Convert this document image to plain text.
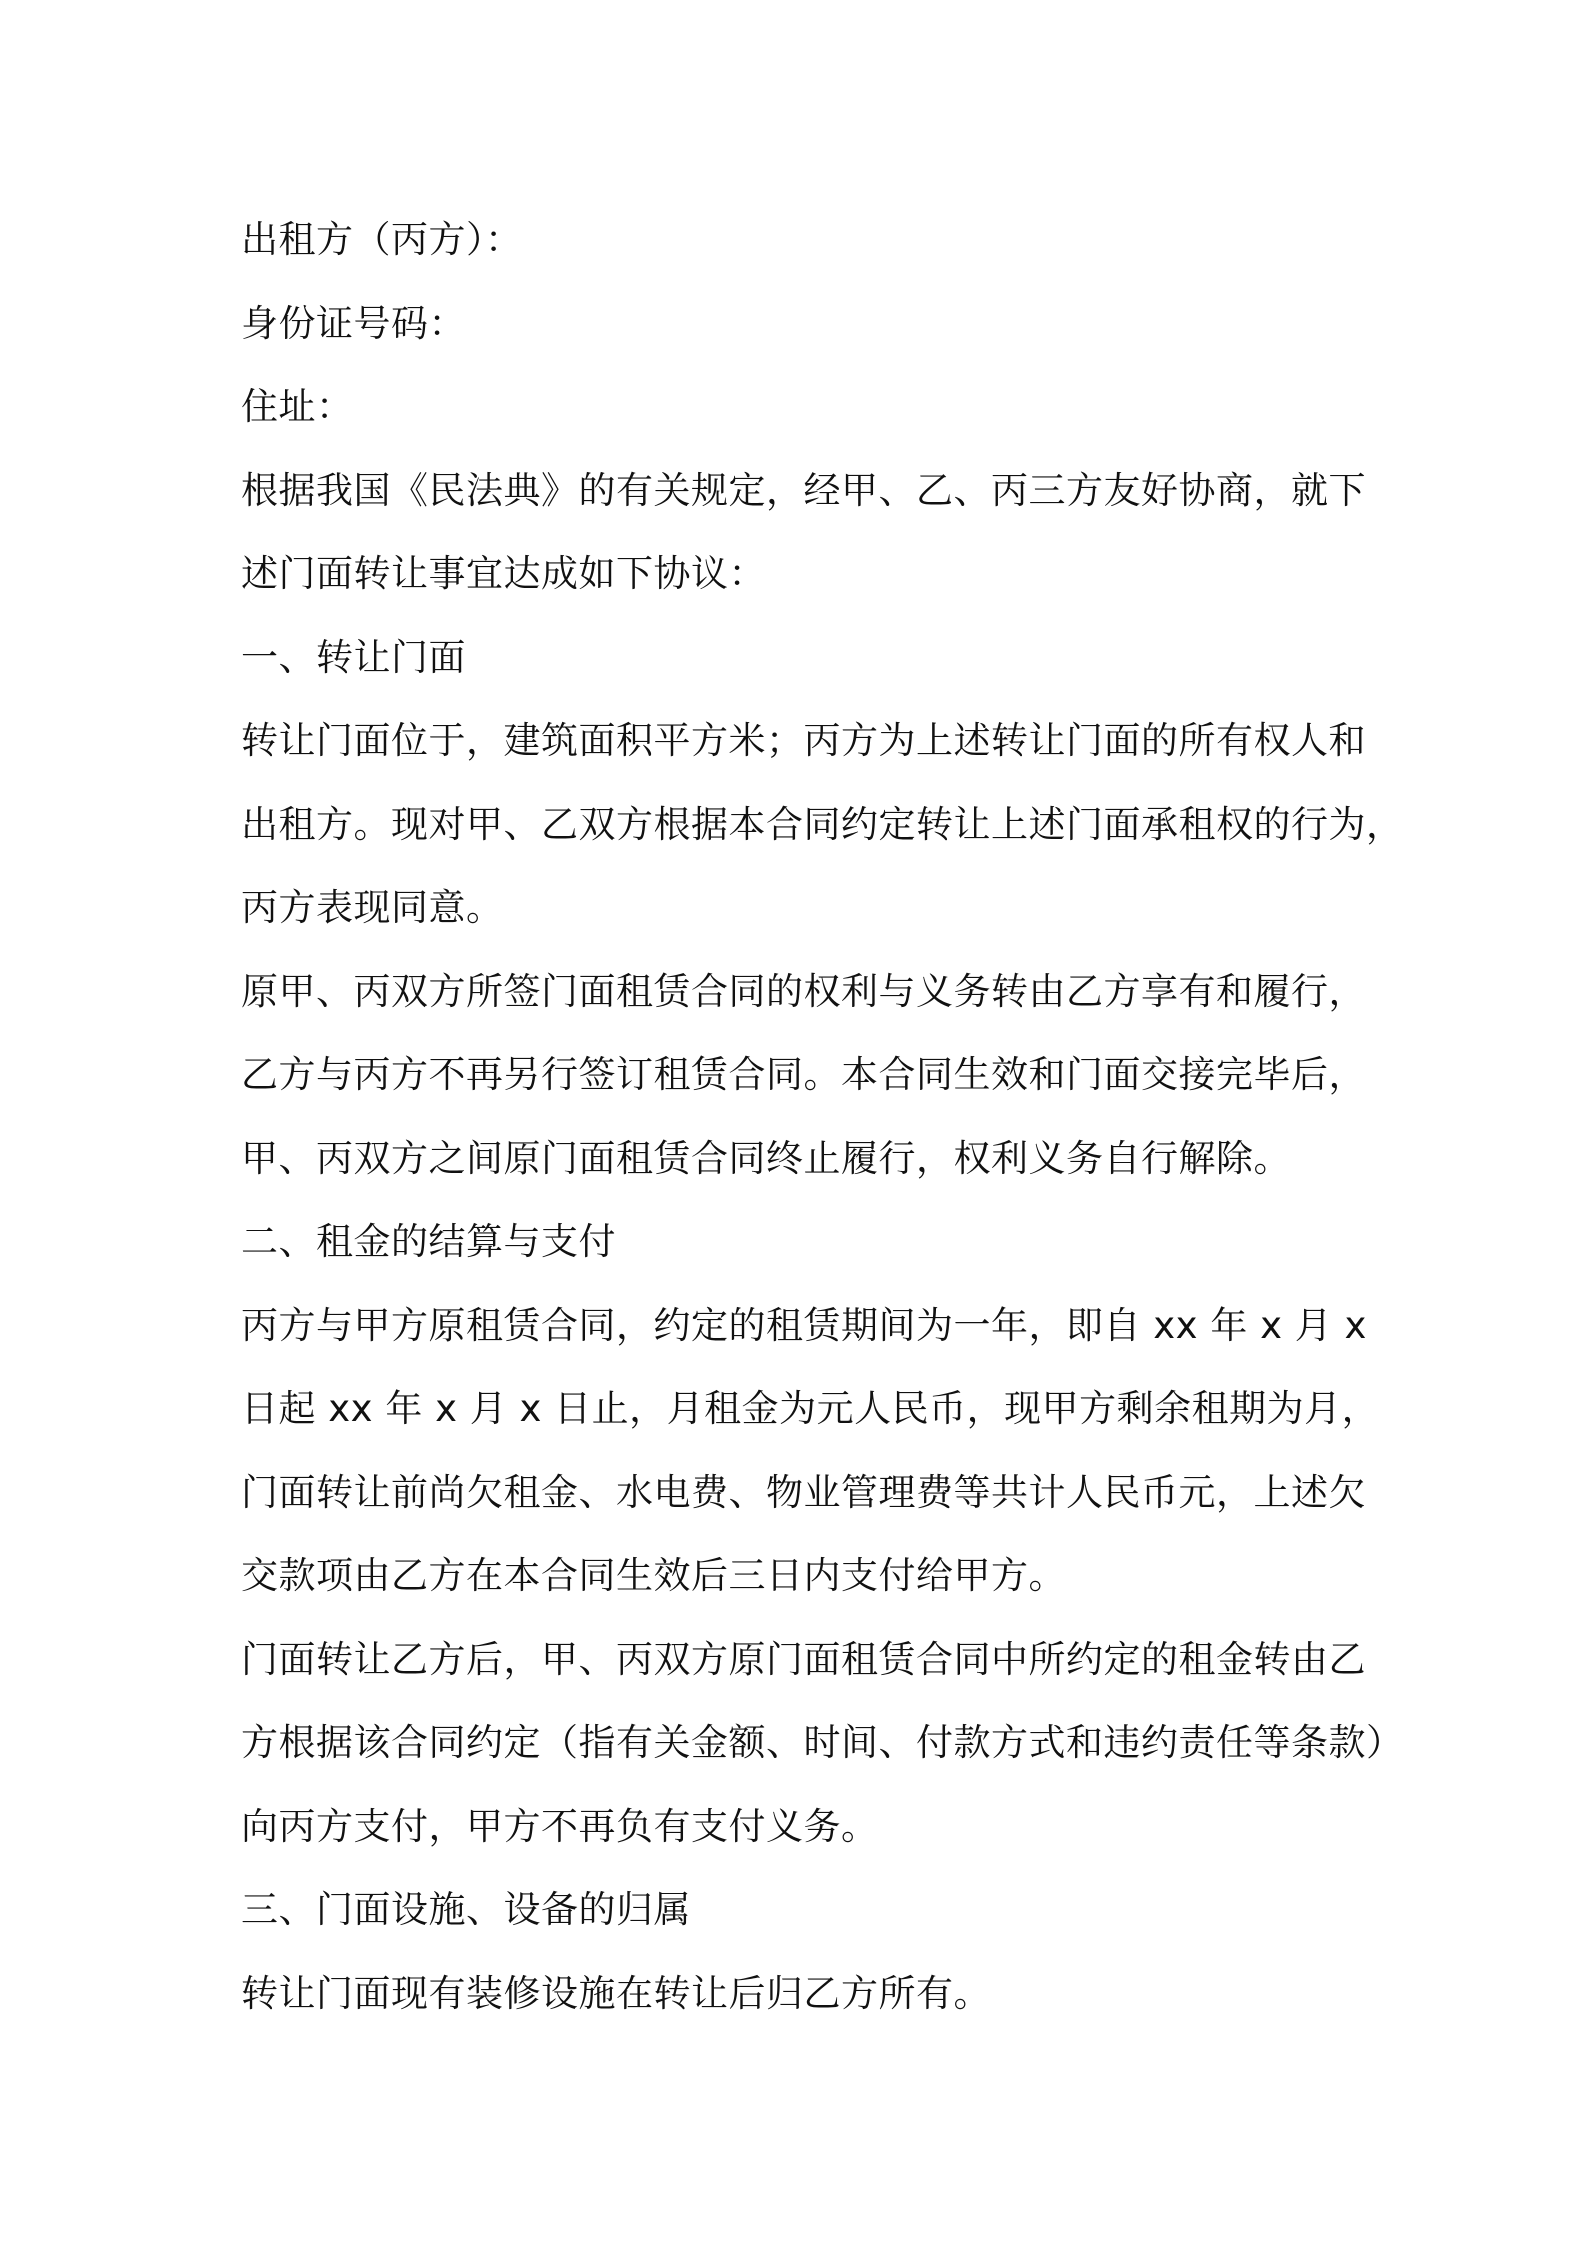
出租方（丙方）：

身份证号码：

住址：

根据我国《民法典》的有关规定，经甲、乙、丙三方友好协商，就下

述门面转让事宜达成如下协议：

一、转让门面

转让门面位于，建筑面积平方米；丙方为上述转让门面的所有权人和

出租方。现对甲、乙双方根据本合同约定转让上述门面承租权的行为，

丙方表现同意。

原甲、丙双方所签门面租赁合同的权利与义务转由乙方享有和履行，

乙方与丙方不再另行签订租赁合同。本合同生效和门面交接完毕后，

甲、丙双方之间原门面租赁合同终止履行，权利义务自行解除。

二、租金的结算与支付

丙方与甲方原租赁合同，约定的租赁期间为一年，即自 xx 年 x 月 x

日起 xx 年 x 月 x 日止，月租金为元人民币，现甲方剩余租期为月，

门面转让前尚欠租金、水电费、物业管理费等共计人民币元，上述欠

交款项由乙方在本合同生效后三日内支付给甲方。

门面转让乙方后，甲、丙双方原门面租赁合同中所约定的租金转由乙

方根据该合同约定（指有关金额、时间、付款方式和违约责任等条款）

向丙方支付，甲方不再负有支付义务。

三、门面设施、设备的归属

转让门面现有装修设施在转让后归乙方所有。
